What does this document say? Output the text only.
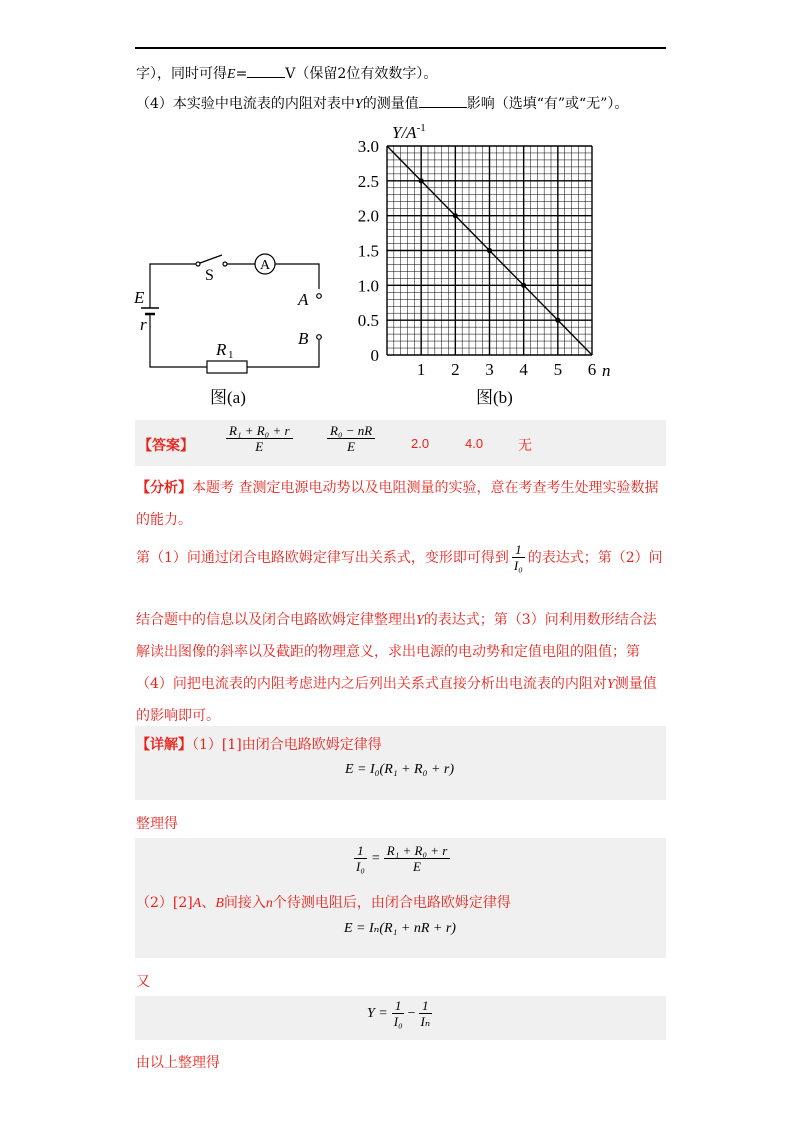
字），同时可得E=	V（保留2位有效数字）。
（4）本实验中电流表的内阻对表中Y的测量值	影响（选填“有”或“无”）。
S
A
E
r
A
B
R 1
图(a)
1 2 3 4 5 6
0
0.5
1.0
1.5
2.0
2.5
3.0
$Y/A^{-1}$
n
图(b)
【答案】 $\frac{\text{R₁ + R₀ + r}}{E}$	$\frac{\text{R₀ − nR}}{E}$	2.0	4.0 无
【分析】本题考 查测定电源电动势以及电阻测量的实验，意在考查考生处理实验数据
的能力。
第（1）问通过闭合电路欧姆定律写出关系式，变形即可得到 $\frac{1}{\text{I₀}}$ 的表达式；第（2）问
结合题中的信息以及闭合电路欧姆定律整理出Y的表达式；第（3）问利用数形结合法
解读出图像的斜率以及截距的物理意义，求出电源的电动势和定值电阻的阻值；第
（4）问把电流表的内阻考虑进内之后列出关系式直接分析出电流表的内阻对Y测量值
的影响即可。
【详解】（1）[1]由闭合电路欧姆定律得
E = I₀(R₁ + R₀ + r)
整理得
$\frac{1}{\text{I₀}} = \frac{\text{R₁ + R₀ + r}}{E}$
（2）[2]A、B间接入n个待测电阻后，由闭合电路欧姆定律得
E = Iₙ(R₁ + nR + r)
又
$Y = \frac{1}{\text{I₀}} - \frac{1}{\text{Iₙ}}$
由以上整理得
